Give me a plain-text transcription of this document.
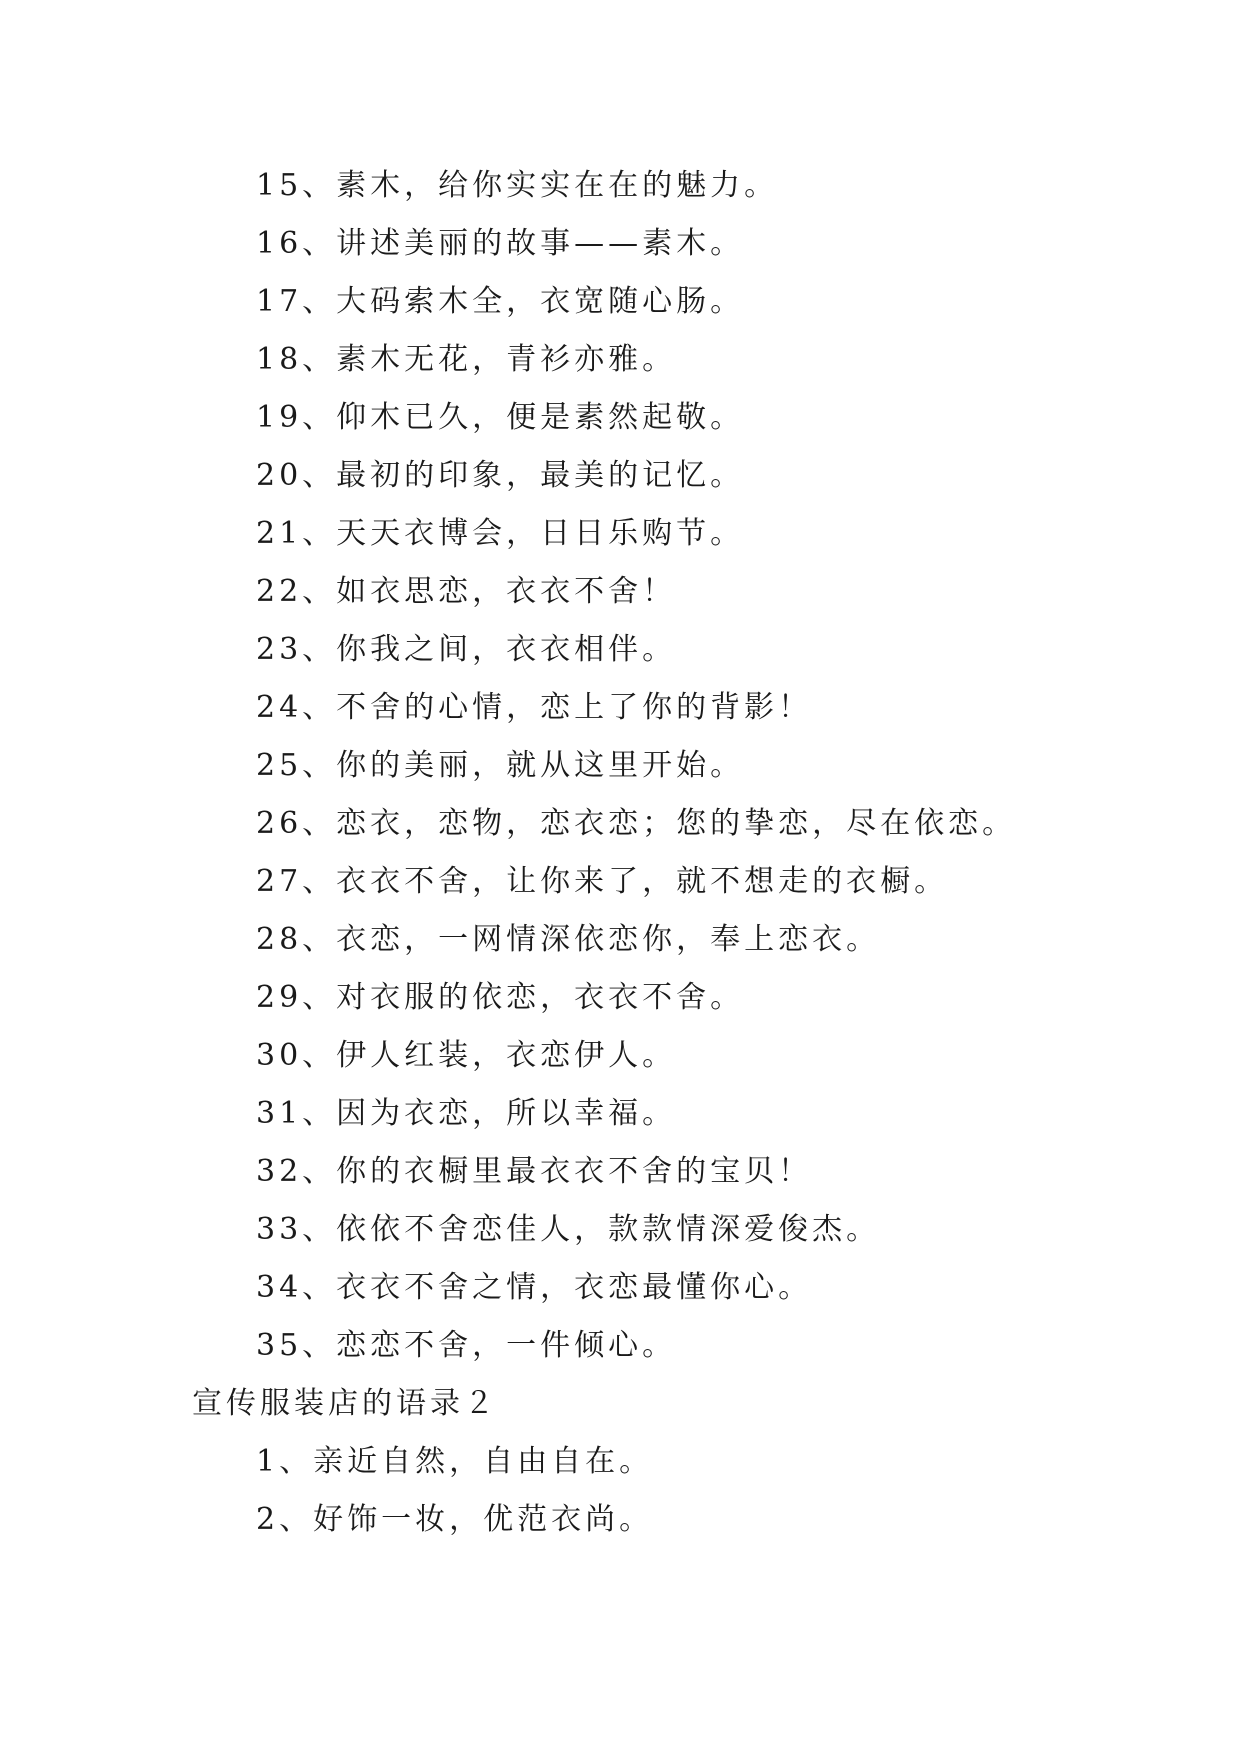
15、素木，给你实实在在的魅力。
16、讲述美丽的故事——素木。
17、大码索木全，衣宽随心肠。
18、素木无花，青衫亦雅。
19、仰木已久，便是素然起敬。
20、最初的印象，最美的记忆。
21、天天衣博会，日日乐购节。
22、如衣思恋，衣衣不舍！
23、你我之间，衣衣相伴。
24、不舍的心情，恋上了你的背影！
25、你的美丽，就从这里开始。
26、恋衣，恋物，恋衣恋；您的挚恋，尽在依恋。
27、衣衣不舍，让你来了，就不想走的衣橱。
28、衣恋，一网情深依恋你，奉上恋衣。
29、对衣服的依恋，衣衣不舍。
30、伊人红装，衣恋伊人。
31、因为衣恋，所以幸福。
32、你的衣橱里最衣衣不舍的宝贝！
33、依依不舍恋佳人，款款情深爱俊杰。
34、衣衣不舍之情，衣恋最懂你心。
35、恋恋不舍，一件倾心。
宣传服装店的语录２
1、亲近自然，自由自在。
2、好饰一妆，优范衣尚。
